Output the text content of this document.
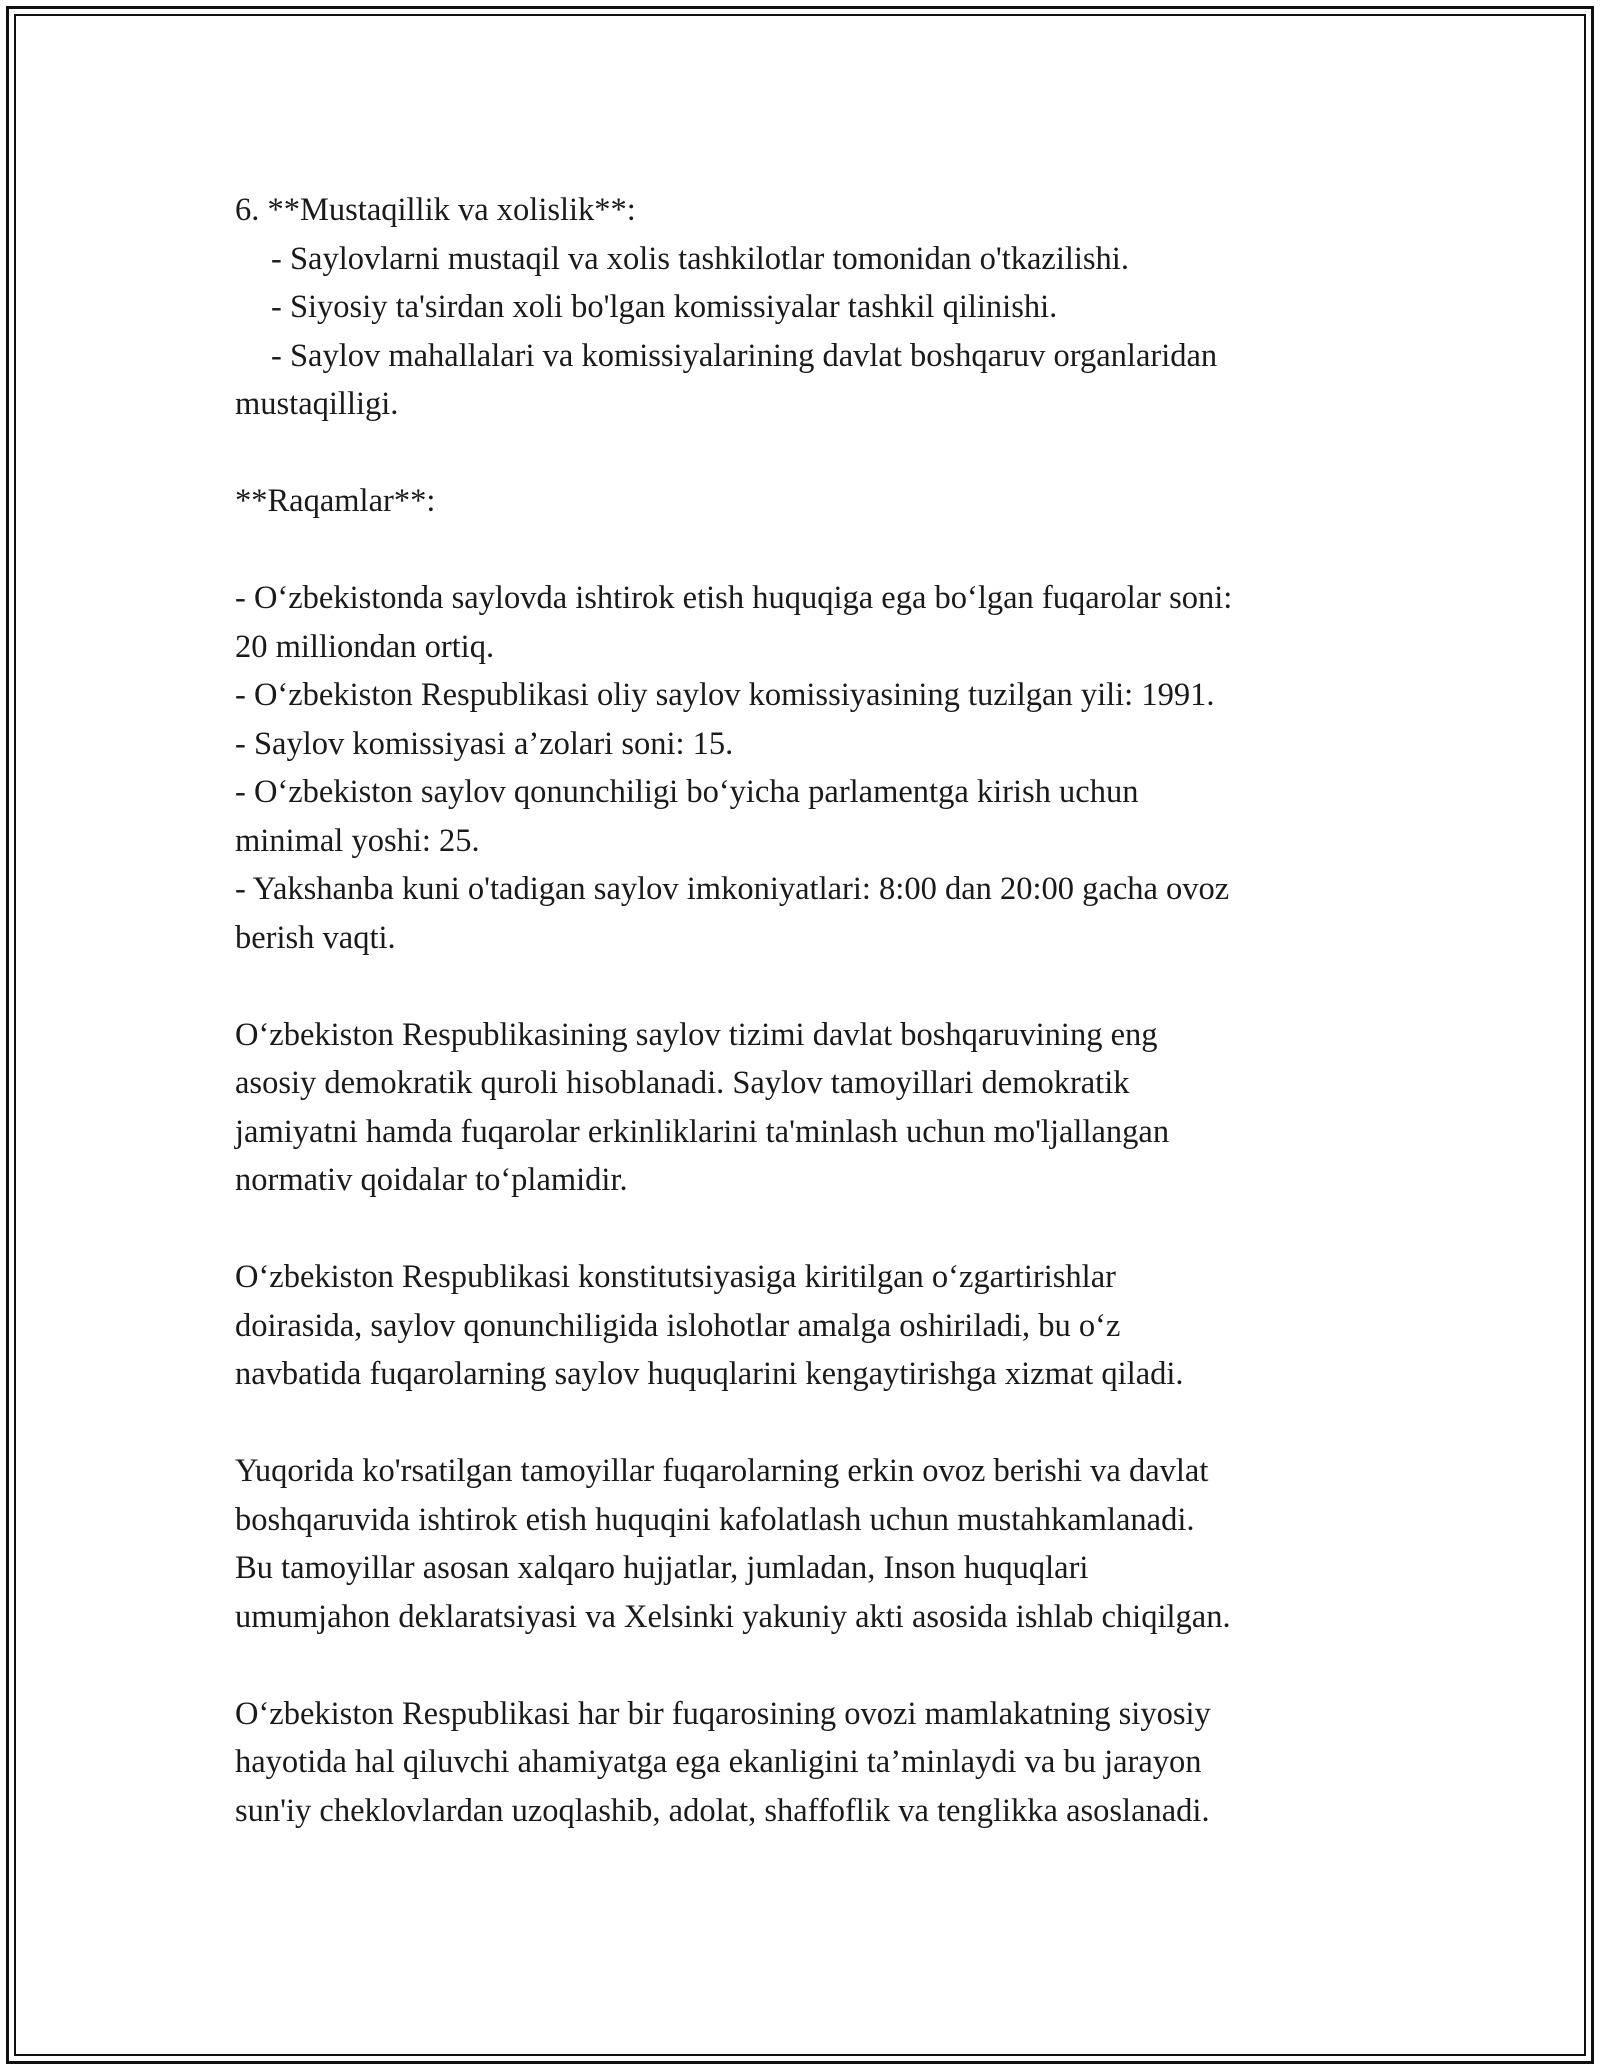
6. **Mustaqillik va xolislik**:
- Saylovlarni mustaqil va xolis tashkilotlar tomonidan o'tkazilishi.
- Siyosiy ta'sirdan xoli bo'lgan komissiyalar tashkil qilinishi.
- Saylov mahallalari va komissiyalarining davlat boshqaruv organlaridan
mustaqilligi.
**Raqamlar**:
- O‘zbekistonda saylovda ishtirok etish huquqiga ega bo‘lgan fuqarolar soni:
20 milliondan ortiq.
- O‘zbekiston Respublikasi oliy saylov komissiyasining tuzilgan yili: 1991.
- Saylov komissiyasi a’zolari soni: 15.
- O‘zbekiston saylov qonunchiligi bo‘yicha parlamentga kirish uchun
minimal yoshi: 25.
- Yakshanba kuni o'tadigan saylov imkoniyatlari: 8:00 dan 20:00 gacha ovoz
berish vaqti.
O‘zbekiston Respublikasining saylov tizimi davlat boshqaruvining eng
asosiy demokratik quroli hisoblanadi. Saylov tamoyillari demokratik
jamiyatni hamda fuqarolar erkinliklarini ta'minlash uchun mo'ljallangan
normativ qoidalar to‘plamidir.
O‘zbekiston Respublikasi konstitutsiyasiga kiritilgan o‘zgartirishlar
doirasida, saylov qonunchiligida islohotlar amalga oshiriladi, bu o‘z
navbatida fuqarolarning saylov huquqlarini kengaytirishga xizmat qiladi.
Yuqorida ko'rsatilgan tamoyillar fuqarolarning erkin ovoz berishi va davlat
boshqaruvida ishtirok etish huquqini kafolatlash uchun mustahkamlanadi.
Bu tamoyillar asosan xalqaro hujjatlar, jumladan, Inson huquqlari
umumjahon deklaratsiyasi va Xelsinki yakuniy akti asosida ishlab chiqilgan.
O‘zbekiston Respublikasi har bir fuqarosining ovozi mamlakatning siyosiy
hayotida hal qiluvchi ahamiyatga ega ekanligini ta’minlaydi va bu jarayon
sun'iy cheklovlardan uzoqlashib, adolat, shaffoflik va tenglikka asoslanadi.
